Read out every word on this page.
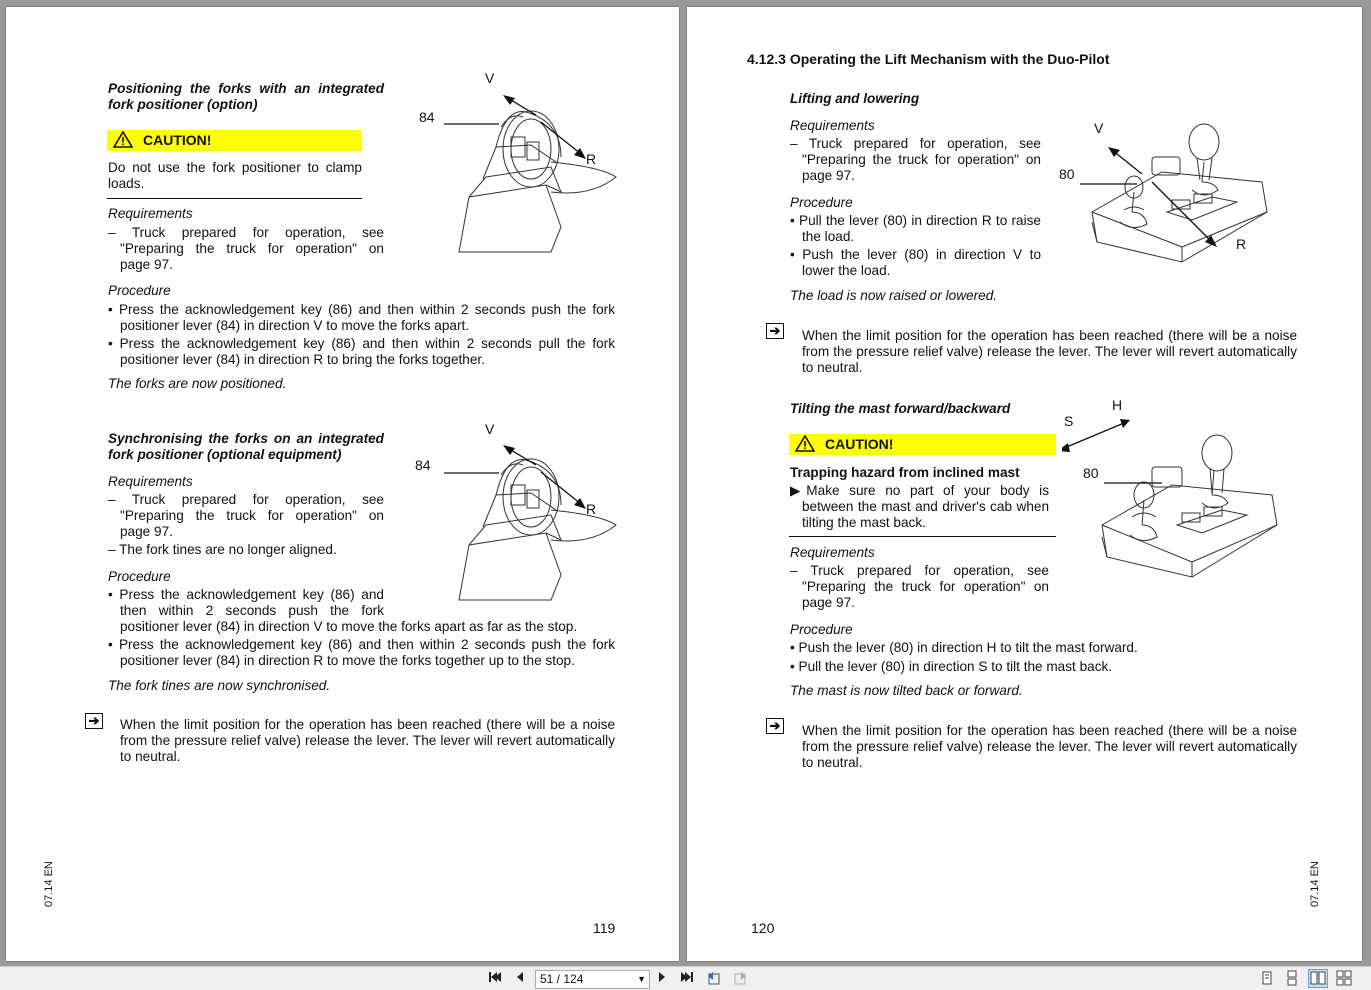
Positioning the forks with an integrated
fork positioner (option)
CAUTION!
Do not use the fork positioner to clamp
loads.
Requirements
– Truck prepared for operation, see
"Preparing the truck for operation" on
page 97.
Procedure
• Press the acknowledgement key (86) and then within 2 seconds push the fork
positioner lever (84) in direction V to move the forks apart.
• Press the acknowledgement key (86) and then within 2 seconds pull the fork
positioner lever (84) in direction R to bring the forks together.
The forks are now positioned.
84
V
R
Synchronising the forks on an integrated
fork positioner (optional equipment)
Requirements
– Truck prepared for operation, see
"Preparing the truck for operation" on
page 97.
– The fork tines are no longer aligned.
Procedure
• Press the acknowledgement key (86) and
then within 2 seconds push the fork
positioner lever (84) in direction V to move the forks apart as far as the stop.
• Press the acknowledgement key (86) and then within 2 seconds push the fork
positioner lever (84) in direction R to move the forks together up to the stop.
The fork tines are now synchronised.
84
V
R
➔ When the limit position for the operation has been reached (there will be a noise
from the pressure relief valve) release the lever. The lever will revert automatically
to neutral.
07.14 EN
119
4.12.3 Operating the Lift Mechanism with the Duo-Pilot
Lifting and lowering
Requirements
– Truck prepared for operation, see
"Preparing the truck for operation" on
page 97.
Procedure
• Pull the lever (80) in direction R to raise
the load.
• Push the lever (80) in direction V to
lower the load.
The load is now raised or lowered.
80
V
R
➔ When the limit position for the operation has been reached (there will be a noise
from the pressure relief valve) release the lever. The lever will revert automatically
to neutral.
Tilting the mast forward/backward
CAUTION!
Trapping hazard from inclined mast
▶Make sure no part of your body is
between the mast and driver's cab when
tilting the mast back.
Requirements
– Truck prepared for operation, see
"Preparing the truck for operation" on
page 97.
Procedure
• Push the lever (80) in direction H to tilt the mast forward.
• Pull the lever (80) in direction S to tilt the mast back.
The mast is now tilted back or forward.
80
H
S
➔ When the limit position for the operation has been reached (there will be a noise
from the pressure relief valve) release the lever. The lever will revert automatically
to neutral.
120
07.14 EN
51 / 124	▼
